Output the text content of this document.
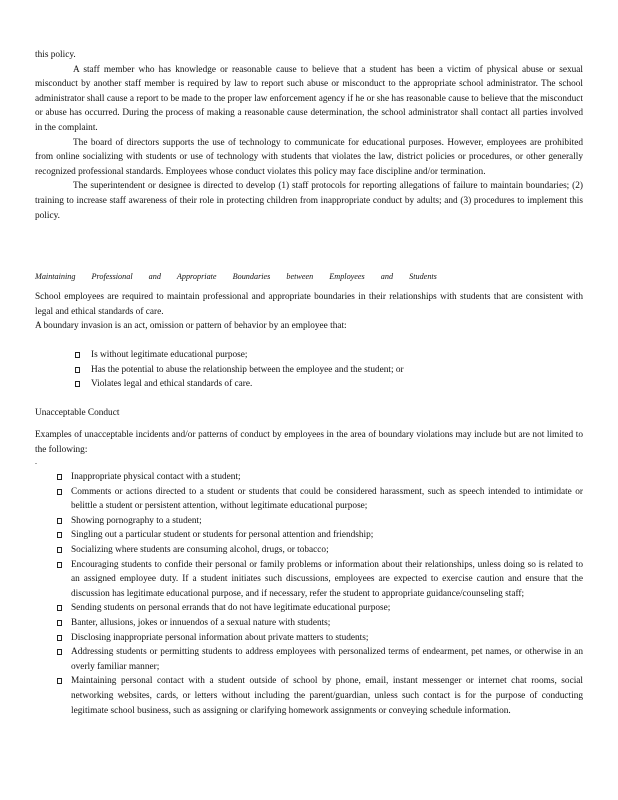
this policy.

A staff member who has knowledge or reasonable cause to believe that a student has been a victim of physical abuse or sexual misconduct by another staff member is required by law to report such abuse or misconduct to the appropriate school administrator. The school administrator shall cause a report to be made to the proper law enforcement agency if he or she has reasonable cause to believe that the misconduct or abuse has occurred. During the process of making a reasonable cause determination, the school administrator shall contact all parties involved in the complaint.

The board of directors supports the use of technology to communicate for educational purposes. However, employees are prohibited from online socializing with students or use of technology with students that violates the law, district policies or procedures, or other generally recognized professional standards. Employees whose conduct violates this policy may face discipline and/or termination.

The superintendent or designee is directed to develop (1) staff protocols for reporting allegations of failure to maintain boundaries; (2) training to increase staff awareness of their role in protecting children from inappropriate conduct by adults; and (3) procedures to implement this policy.

Maintaining Professional and Appropriate Boundaries between Employees and Students

School employees are required to maintain professional and appropriate boundaries in their relationships with students that are consistent with legal and ethical standards of care.

A boundary invasion is an act, omission or pattern of behavior by an employee that:

Is without legitimate educational purpose;
Has the potential to abuse the relationship between the employee and the student; or
Violates legal and ethical standards of care.

Unacceptable Conduct

Examples of unacceptable incidents and/or patterns of conduct by employees in the area of boundary violations may include but are not limited to the following:

.

Inappropriate physical contact with a student;
Comments or actions directed to a student or students that could be considered harassment, such as speech intended to intimidate or belittle a student or persistent attention, without legitimate educational purpose;
Showing pornography to a student;
Singling out a particular student or students for personal attention and friendship;
Socializing where students are consuming alcohol, drugs, or tobacco;
Encouraging students to confide their personal or family problems or information about their relationships, unless doing so is related to an assigned employee duty. If a student initiates such discussions, employees are expected to exercise caution and ensure that the discussion has legitimate educational purpose, and if necessary, refer the student to appropriate guidance/counseling staff;
Sending students on personal errands that do not have legitimate educational purpose;
Banter, allusions, jokes or innuendos of a sexual nature with students;
Disclosing inappropriate personal information about private matters to students;
Addressing students or permitting students to address employees with personalized terms of endearment, pet names, or otherwise in an overly familiar manner;
Maintaining personal contact with a student outside of school by phone, email, instant messenger or internet chat rooms, social networking websites, cards, or letters without including the parent/guardian, unless such contact is for the purpose of conducting legitimate school business, such as assigning or clarifying homework assignments or conveying schedule information.
